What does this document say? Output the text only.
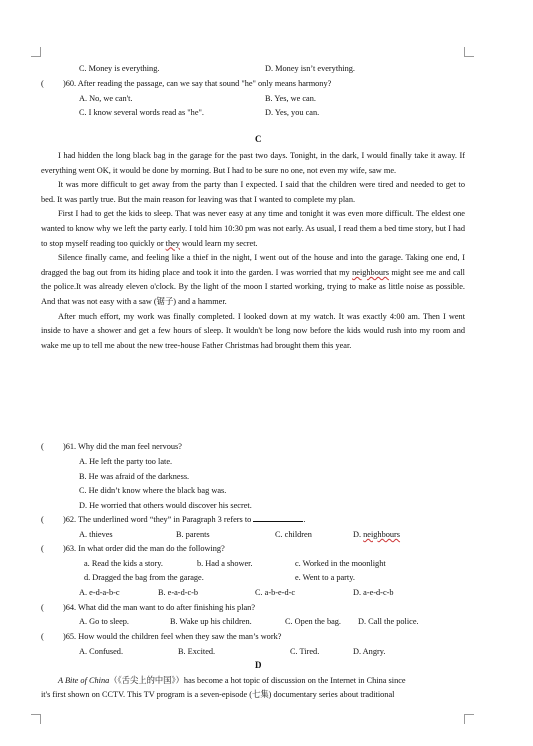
C. Money is everything.	D. Money isn’t everything.
( )60. After reading the passage, can we say that sound "he" only means harmony?
A. No, we can't.	B. Yes, we can.
C. I know several words read as "he".	D. Yes, you can.
C

I had hidden the long black bag in the garage for the past two days. Tonight, in the dark, I would finally take it away. If everything went OK, it would be done by morning. But I had to be sure no one, not even my wife, saw me.

It was more difficult to get away from the party than I expected. I said that the children were tired and needed to get to bed. It was partly true. But the main reason for leaving was that I wanted to complete my plan.

First I had to get the kids to sleep. That was never easy at any time and tonight it was even more difficult. The eldest one wanted to know why we left the party early. I told him 10:30 pm was not early. As usual, I read them a bed time story, but I had to stop myself reading too quickly or they would learn my secret.

Silence finally came, and feeling like a thief in the night, I went out of the house and into the garage. Taking one end, I dragged the bag out from its hiding place and took it into the garden. I was worried that my neighbours might see me and call the police.It was already eleven o'clock. By the light of the moon I started working, trying to make as little noise as possible. And that was not easy with a saw (锯子) and a hammer.

After much effort, my work was finally completed. I looked down at my watch. It was exactly 4:00 am. Then I went inside to have a shower and get a few hours of sleep. It wouldn't be long now before the kids would rush into my room and wake me up to tell me about the new tree-house Father Christmas had brought them this year.

( )61. Why did the man feel nervous?
A. He left the party too late.
B. He was afraid of the darkness.
C. He didn’t know where the black bag was.
D. He worried that others would discover his secret.
( )62. The underlined word “they” in Paragraph 3 refers to	.
A. thieves	B. parents	C. children	D. neighbours
( )63. In what order did the man do the following?
a. Read the kids a story.	b. Had a shower.	c. Worked in the moonlight
d. Dragged the bag from the garage.	e. Went to a party.
A. e-d-a-b-c	B. e-a-d-c-b	C. a-b-e-d-c	D. a-e-d-c-b
( )64. What did the man want to do after finishing his plan?
A. Go to sleep.	B. Wake up his children.	C. Open the bag. D. Call the police.
( )65. How would the children feel when they saw the man’s work?
A. Confused.	B. Excited.	C. Tired.	D. Angry.
D
A Bite of China（《舌尖上的中国》）has become a hot topic of discussion on the Internet in China since
it's first shown on CCTV. This TV program is a seven-episode (七集) documentary series about traditional
